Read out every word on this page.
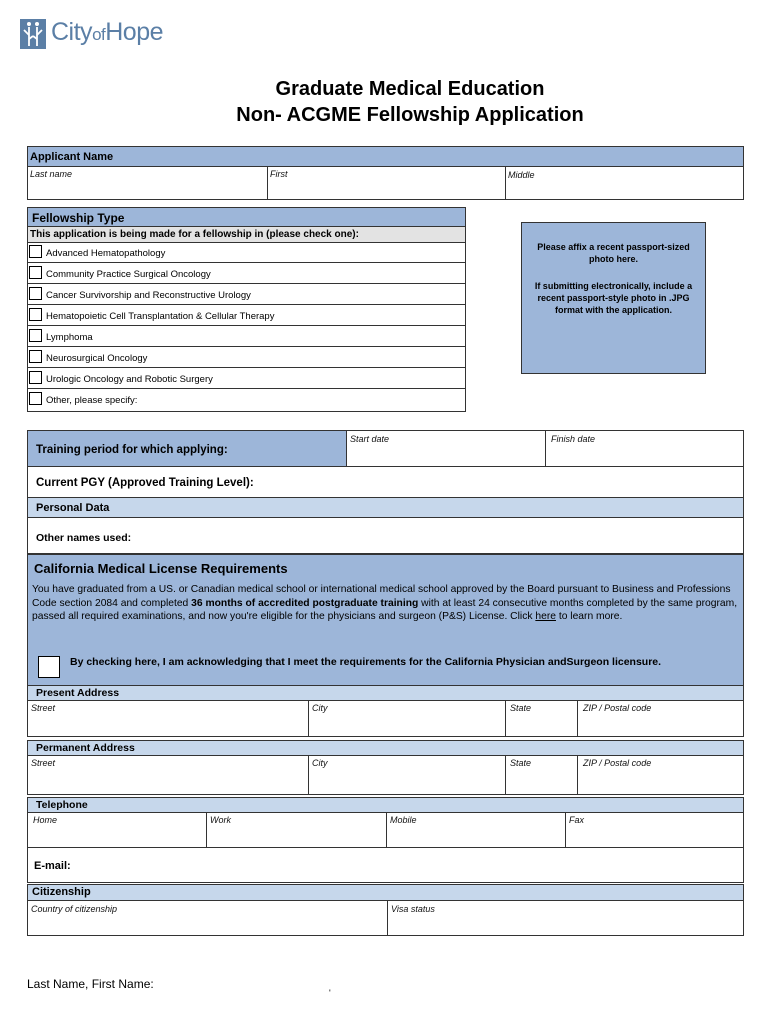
CityofHope
Graduate Medical Education
Non- ACGME Fellowship Application
Applicant Name
Last name	First	Middle
Fellowship Type
This application is being made for a fellowship in (please check one):
Advanced Hematopathology
Community Practice Surgical Oncology
Cancer Survivorship and Reconstructive Urology
Hematopoietic Cell Transplantation & Cellular Therapy
Lymphoma
Neurosurgical Oncology
Urologic Oncology and Robotic Surgery
Other, please specify:
Please affix a recent passport-sized photo here.
If submitting electronically, include a recent passport-style photo in .JPG format with the application.
Training period for which applying:
Start date	Finish date
Current PGY (Approved Training Level):
Personal Data
Other names used:
California Medical License Requirements
You have graduated from a US. or Canadian medical school or international medical school approved by the Board pursuant to Business and Professions Code section 2084 and completed 36 months of accredited postgraduate training with at least 24 consecutive months completed by the same program, passed all required examinations, and now you're eligible for the physicians and surgeon (P&S) License. Click here to learn more.
By checking here, I am acknowledging that I meet the requirements for the California Physician andSurgeon licensure.
Present Address
Street	City	State	ZIP / Postal code
Permanent Address
Street	City	State	ZIP / Postal code
Telephone
Home	Work	Mobile	Fax
E-mail:
Citizenship
Country of citizenship	Visa status
Last Name, First Name:
'
